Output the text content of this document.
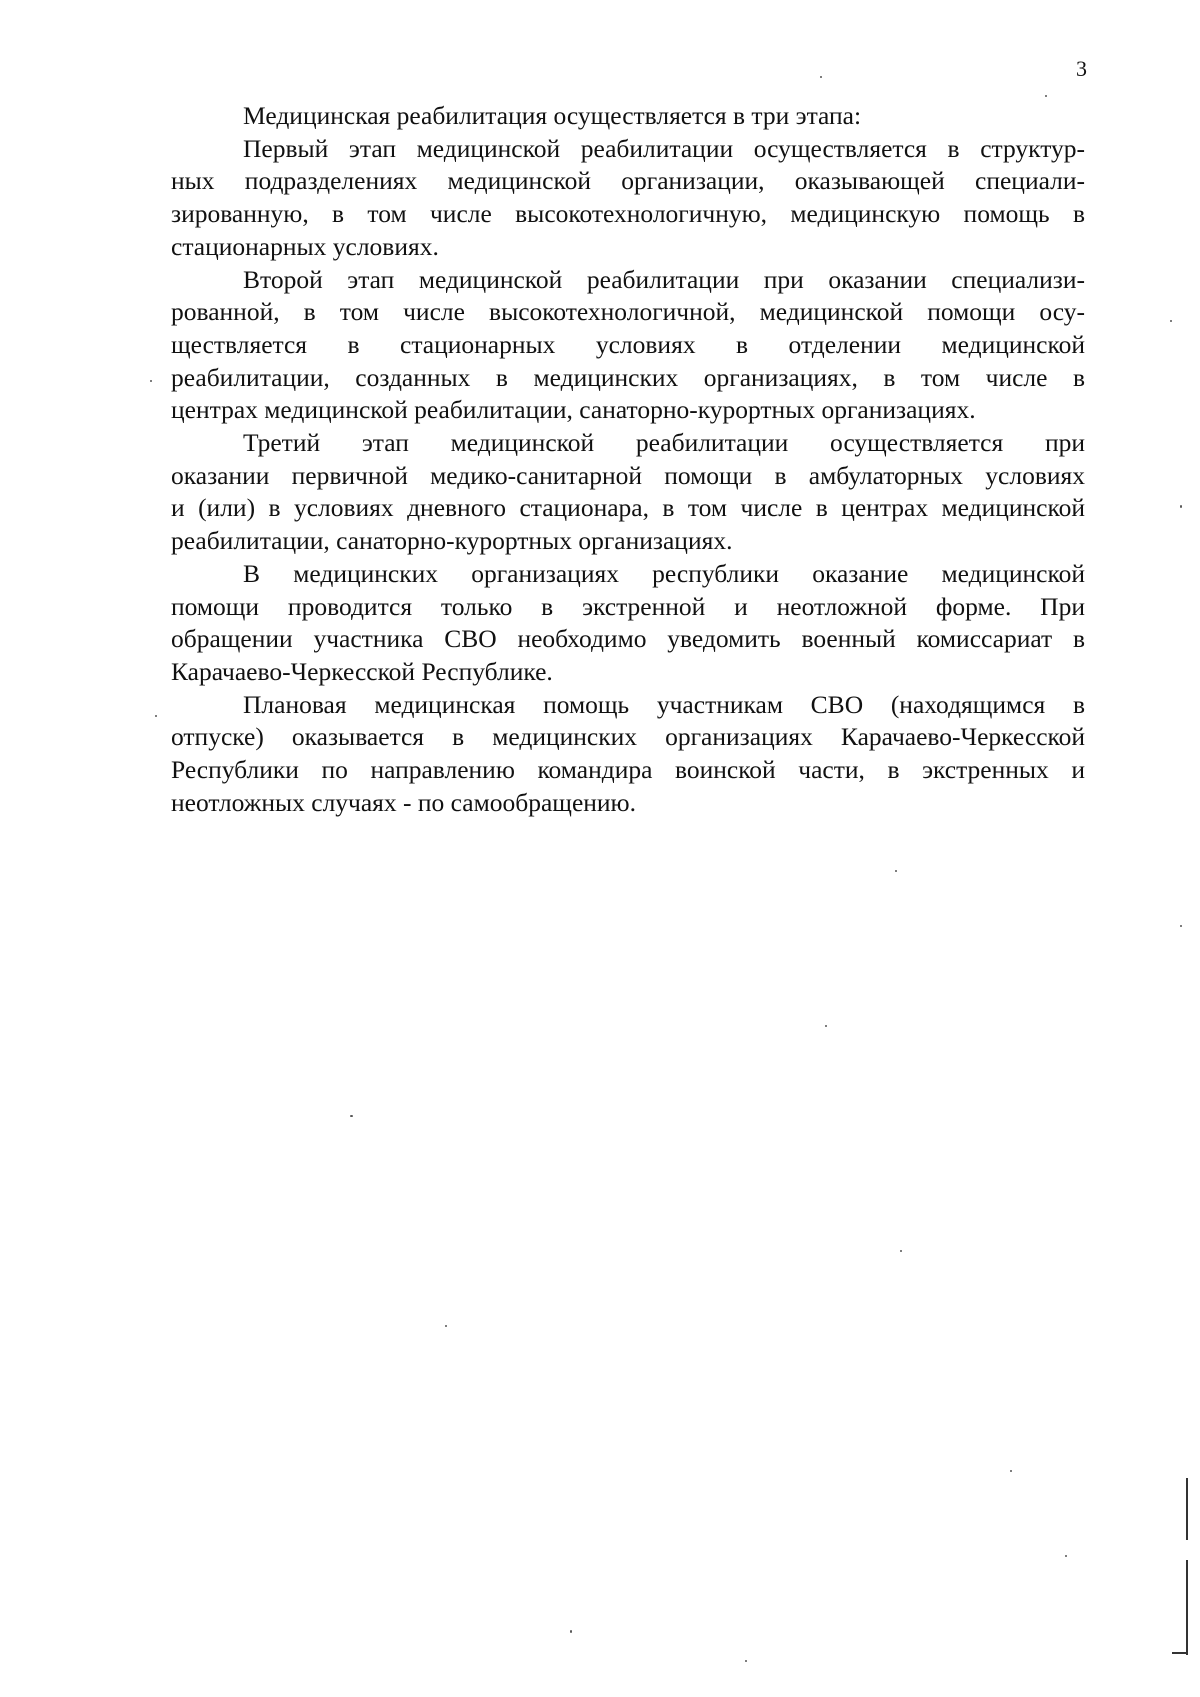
3

Медицинская реабилитация осуществляется в три этапа:

Первый этап медицинской реабилитации осуществляется в структур-
ных подразделениях медицинской организации, оказывающей специали-
зированную, в том числе высокотехнологичную, медицинскую помощь в
стационарных условиях.

Второй этап медицинской реабилитации при оказании специализи-
рованной, в том числе высокотехнологичной, медицинской помощи осу-
ществляется в стационарных условиях в отделении медицинской
реабилитации, созданных в медицинских организациях, в том числе в
центрах медицинской реабилитации, санаторно-курортных организациях.

Третий этап медицинской реабилитации осуществляется при
оказании первичной медико-санитарной помощи в амбулаторных условиях
и (или) в условиях дневного стационара, в том числе в центрах медицинской
реабилитации, санаторно-курортных организациях.

В медицинских организациях республики оказание медицинской
помощи проводится только в экстренной и неотложной форме. При
обращении участника СВО необходимо уведомить военный комиссариат в
Карачаево-Черкесской Республике.

Плановая медицинская помощь участникам СВО (находящимся в
отпуске) оказывается в медицинских организациях Карачаево-Черкесской
Республики по направлению командира воинской части, в экстренных и
неотложных случаях - по самообращению.
